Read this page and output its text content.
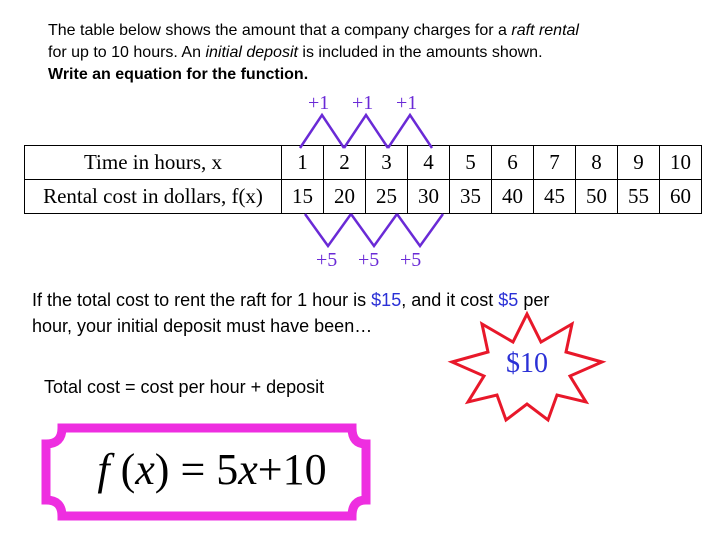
The table below shows the amount that a company charges for a raft rental

for up to 10 hours. An initial deposit is included in the amounts shown.

Write an equation for the function.

Time in hours, x	1	2	3	4	5	6	7	8	9	10
Rental cost in dollars, f(x)	15	20	25	30	35	40	45	50	55	60
+1 +1 +1
+5 +5 +5

If the total cost to rent the raft for 1 hour is $15, and it cost $5 per

hour, your initial deposit must have been…

$10
Total cost = cost per hour + deposit
f (x) = 5x+10
